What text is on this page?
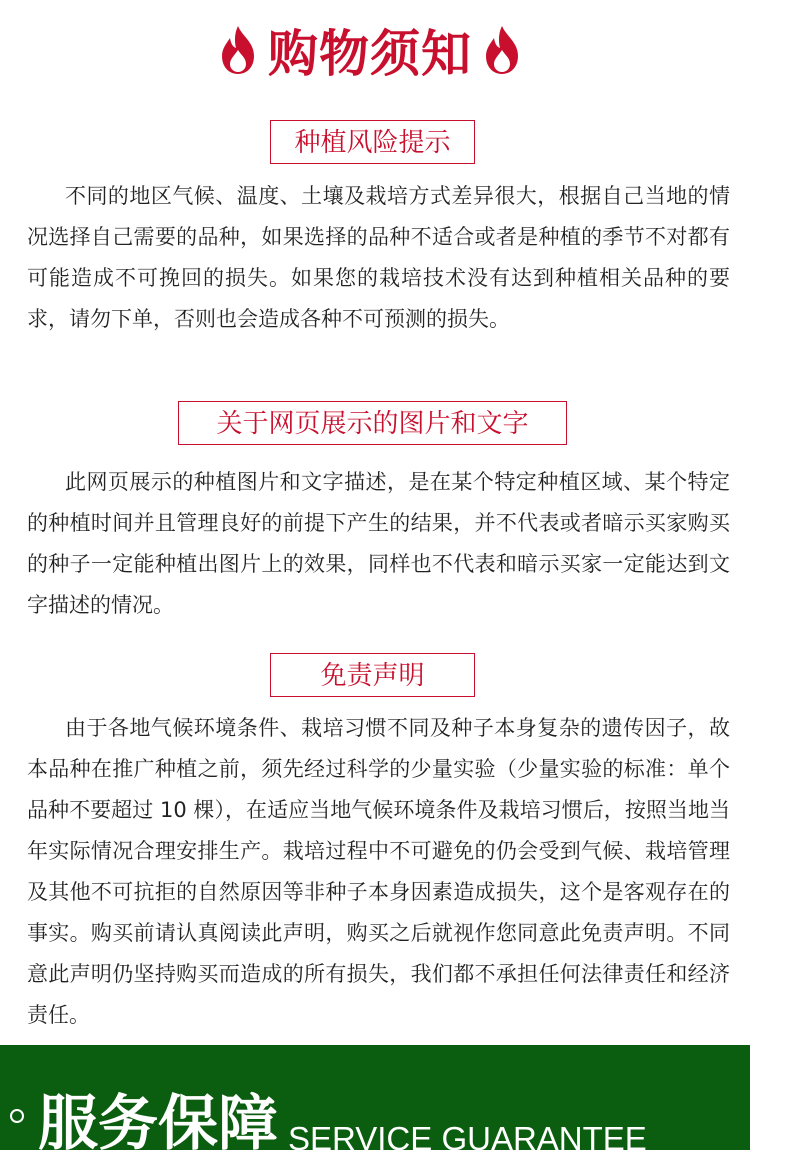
购物须知
种植风险提示

不同的地区气候、温度、土壤及栽培方式差异很大，根据自己当地的情况选择自己需要的品种，如果选择的品种不适合或者是种植的季节不对都有可能造成不可挽回的损失。如果您的栽培技术没有达到种植相关品种的要求，请勿下单，否则也会造成各种不可预测的损失。

关于网页展示的图片和文字

此网页展示的种植图片和文字描述，是在某个特定种植区域、某个特定的种植时间并且管理良好的前提下产生的结果，并不代表或者暗示买家购买的种子一定能种植出图片上的效果，同样也不代表和暗示买家一定能达到文字描述的情况。

免责声明

由于各地气候环境条件、栽培习惯不同及种子本身复杂的遗传因子，故本品种在推广种植之前，须先经过科学的少量实验（少量实验的标准：单个品种不要超过 10 棵），在适应当地气候环境条件及栽培习惯后，按照当地当年实际情况合理安排生产。栽培过程中不可避免的仍会受到气候、栽培管理及其他不可抗拒的自然原因等非种子本身因素造成损失，这个是客观存在的事实。购买前请认真阅读此声明，购买之后就视作您同意此免责声明。不同意此声明仍坚持购买而造成的所有损失，我们都不承担任何法律责任和经济责任。

服务保障 SERVICE GUARANTEE
